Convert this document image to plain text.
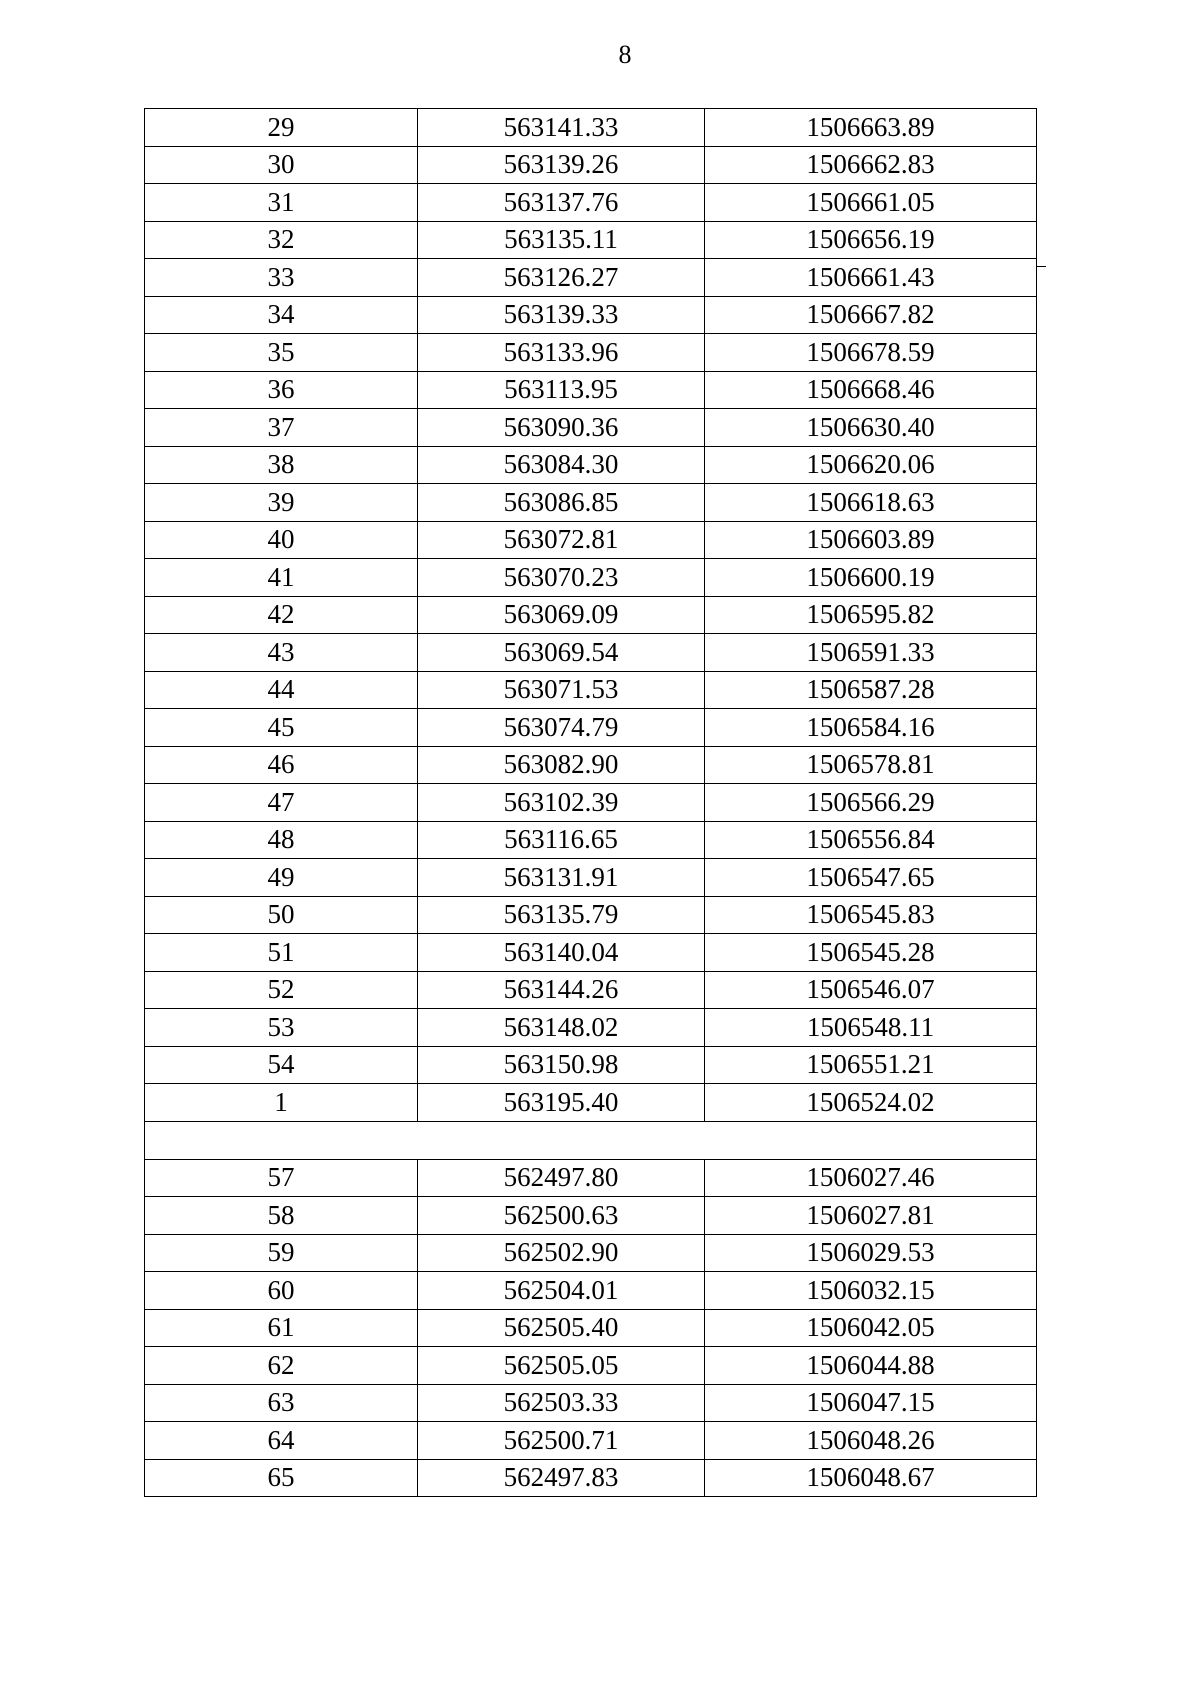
8
29	563141.33	1506663.89
30	563139.26	1506662.83
31	563137.76	1506661.05
32	563135.11	1506656.19
33	563126.27	1506661.43
34	563139.33	1506667.82
35	563133.96	1506678.59
36	563113.95	1506668.46
37	563090.36	1506630.40
38	563084.30	1506620.06
39	563086.85	1506618.63
40	563072.81	1506603.89
41	563070.23	1506600.19
42	563069.09	1506595.82
43	563069.54	1506591.33
44	563071.53	1506587.28
45	563074.79	1506584.16
46	563082.90	1506578.81
47	563102.39	1506566.29
48	563116.65	1506556.84
49	563131.91	1506547.65
50	563135.79	1506545.83
51	563140.04	1506545.28
52	563144.26	1506546.07
53	563148.02	1506548.11
54	563150.98	1506551.21
1	563195.40	1506524.02

57	562497.80	1506027.46
58	562500.63	1506027.81
59	562502.90	1506029.53
60	562504.01	1506032.15
61	562505.40	1506042.05
62	562505.05	1506044.88
63	562503.33	1506047.15
64	562500.71	1506048.26
65	562497.83	1506048.67
